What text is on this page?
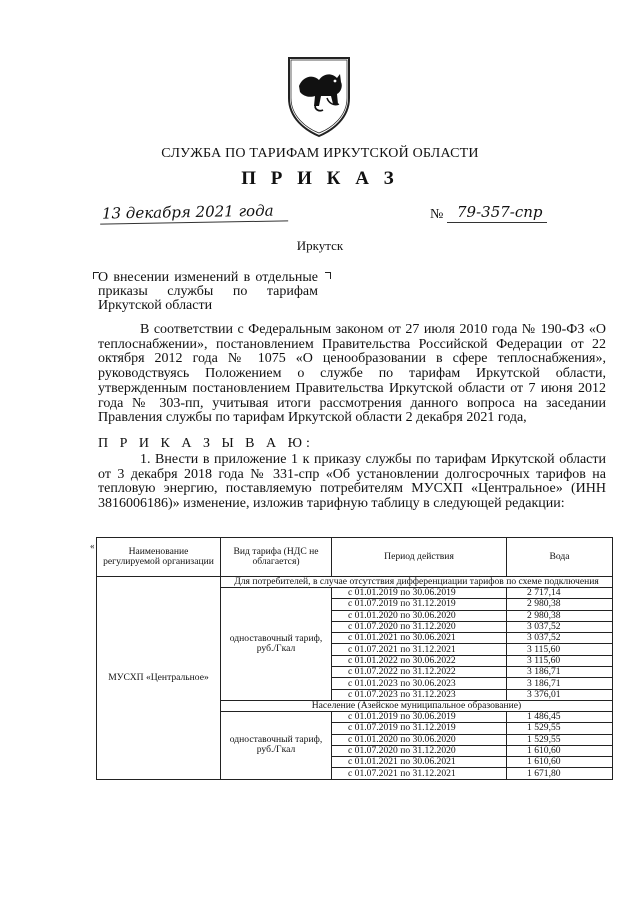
СЛУЖБА ПО ТАРИФАМ ИРКУТСКОЙ ОБЛАСТИ
П Р И К А З
13 декабря 2021 года	№ 79-357-спр
Иркутск
О внесении изменений в отдельные приказы службы по тарифам Иркутской области
В соответствии с Федеральным законом от 27 июля 2010 года № 190-ФЗ «О теплоснабжении», постановлением Правительства Российской Федерации от 22 октября 2012 года № 1075 «О ценообразовании в сфере теплоснабжения», руководствуясь Положением о службе по тарифам Иркутской области, утвержденным постановлением Правительства Иркутской области от 7 июня 2012 года № 303-пп, учитывая итоги рассмотрения данного вопроса на заседании Правления службы по тарифам Иркутской области 2 декабря 2021 года,
П Р И К А З Ы В А Ю:
1. Внести в приложение 1 к приказу службы по тарифам Иркутской области от 3 декабря 2018 года № 331-спр «Об установлении долгосрочных тарифов на тепловую энергию, поставляемую потребителям МУСХП «Центральное» (ИНН 3816006186)» изменение, изложив тарифную таблицу в следующей редакции:
«
Наименование регулируемой организации	Вид тарифа (НДС не облагается)	Период действия	Вода
МУСХП «Центральное»	Для потребителей, в случае отсутствия дифференциации тарифов по схеме подключения		
	одноставочный тариф, руб./Гкал	с 01.01.2019 по 30.06.2019	2 717,14
		с 01.07.2019 по 31.12.2019	2 980,38
		с 01.01.2020 по 30.06.2020	2 980,38
		с 01.07.2020 по 31.12.2020	3 037,52
		с 01.01.2021 по 30.06.2021	3 037,52
		с 01.07.2021 по 31.12.2021	3 115,60
		с 01.01.2022 по 30.06.2022	3 115,60
		с 01.07.2022 по 31.12.2022	3 186,71
		с 01.01.2023 по 30.06.2023	3 186,71
		с 01.07.2023 по 31.12.2023	3 376,01
	Население (Азейское муниципальное образование)		
	одноставочный тариф, руб./Гкал	с 01.01.2019 по 30.06.2019	1 486,45
		с 01.07.2019 по 31.12.2019	1 529,55
		с 01.01.2020 по 30.06.2020	1 529,55
		с 01.07.2020 по 31.12.2020	1 610,60
		с 01.01.2021 по 30.06.2021	1 610,60
		с 01.07.2021 по 31.12.2021	1 671,80
